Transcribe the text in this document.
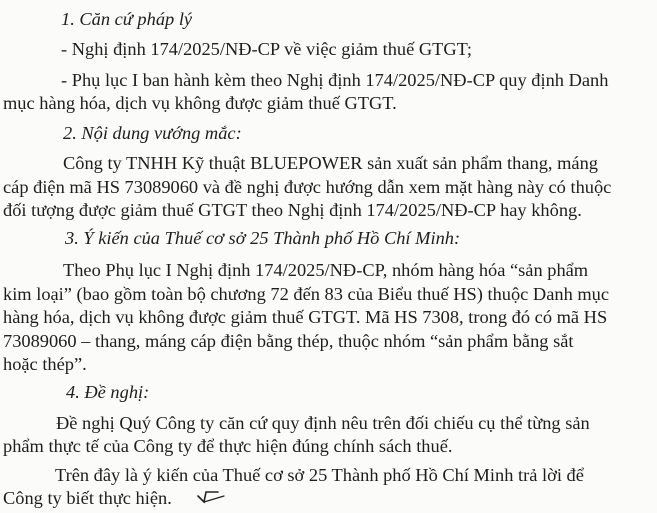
1. Căn cứ pháp lý
- Nghị định 174/2025/NĐ-CP về việc giảm thuế GTGT;
- Phụ lục I ban hành kèm theo Nghị định 174/2025/NĐ-CP quy định Danh
mục hàng hóa, dịch vụ không được giảm thuế GTGT.
2. Nội dung vướng mắc:
Công ty TNHH Kỹ thuật BLUEPOWER sản xuất sản phẩm thang, máng
cáp điện mã HS 73089060 và đề nghị được hướng dẫn xem mặt hàng này có thuộc
đối tượng được giảm thuế GTGT theo Nghị định 174/2025/NĐ-CP hay không.
3. Ý kiến của Thuế cơ sở 25 Thành phố Hồ Chí Minh:
Theo Phụ lục I Nghị định 174/2025/NĐ-CP, nhóm hàng hóa “sản phẩm
kim loại” (bao gồm toàn bộ chương 72 đến 83 của Biểu thuế HS) thuộc Danh mục
hàng hóa, dịch vụ không được giảm thuế GTGT. Mã HS 7308, trong đó có mã HS
73089060 – thang, máng cáp điện bằng thép, thuộc nhóm “sản phẩm bằng sắt
hoặc thép”.
4. Đề nghị:
Đề nghị Quý Công ty căn cứ quy định nêu trên đối chiếu cụ thể từng sản
phẩm thực tế của Công ty để thực hiện đúng chính sách thuế.
Trên đây là ý kiến của Thuế cơ sở 25 Thành phố Hồ Chí Minh trả lời để
Công ty biết thực hiện.
